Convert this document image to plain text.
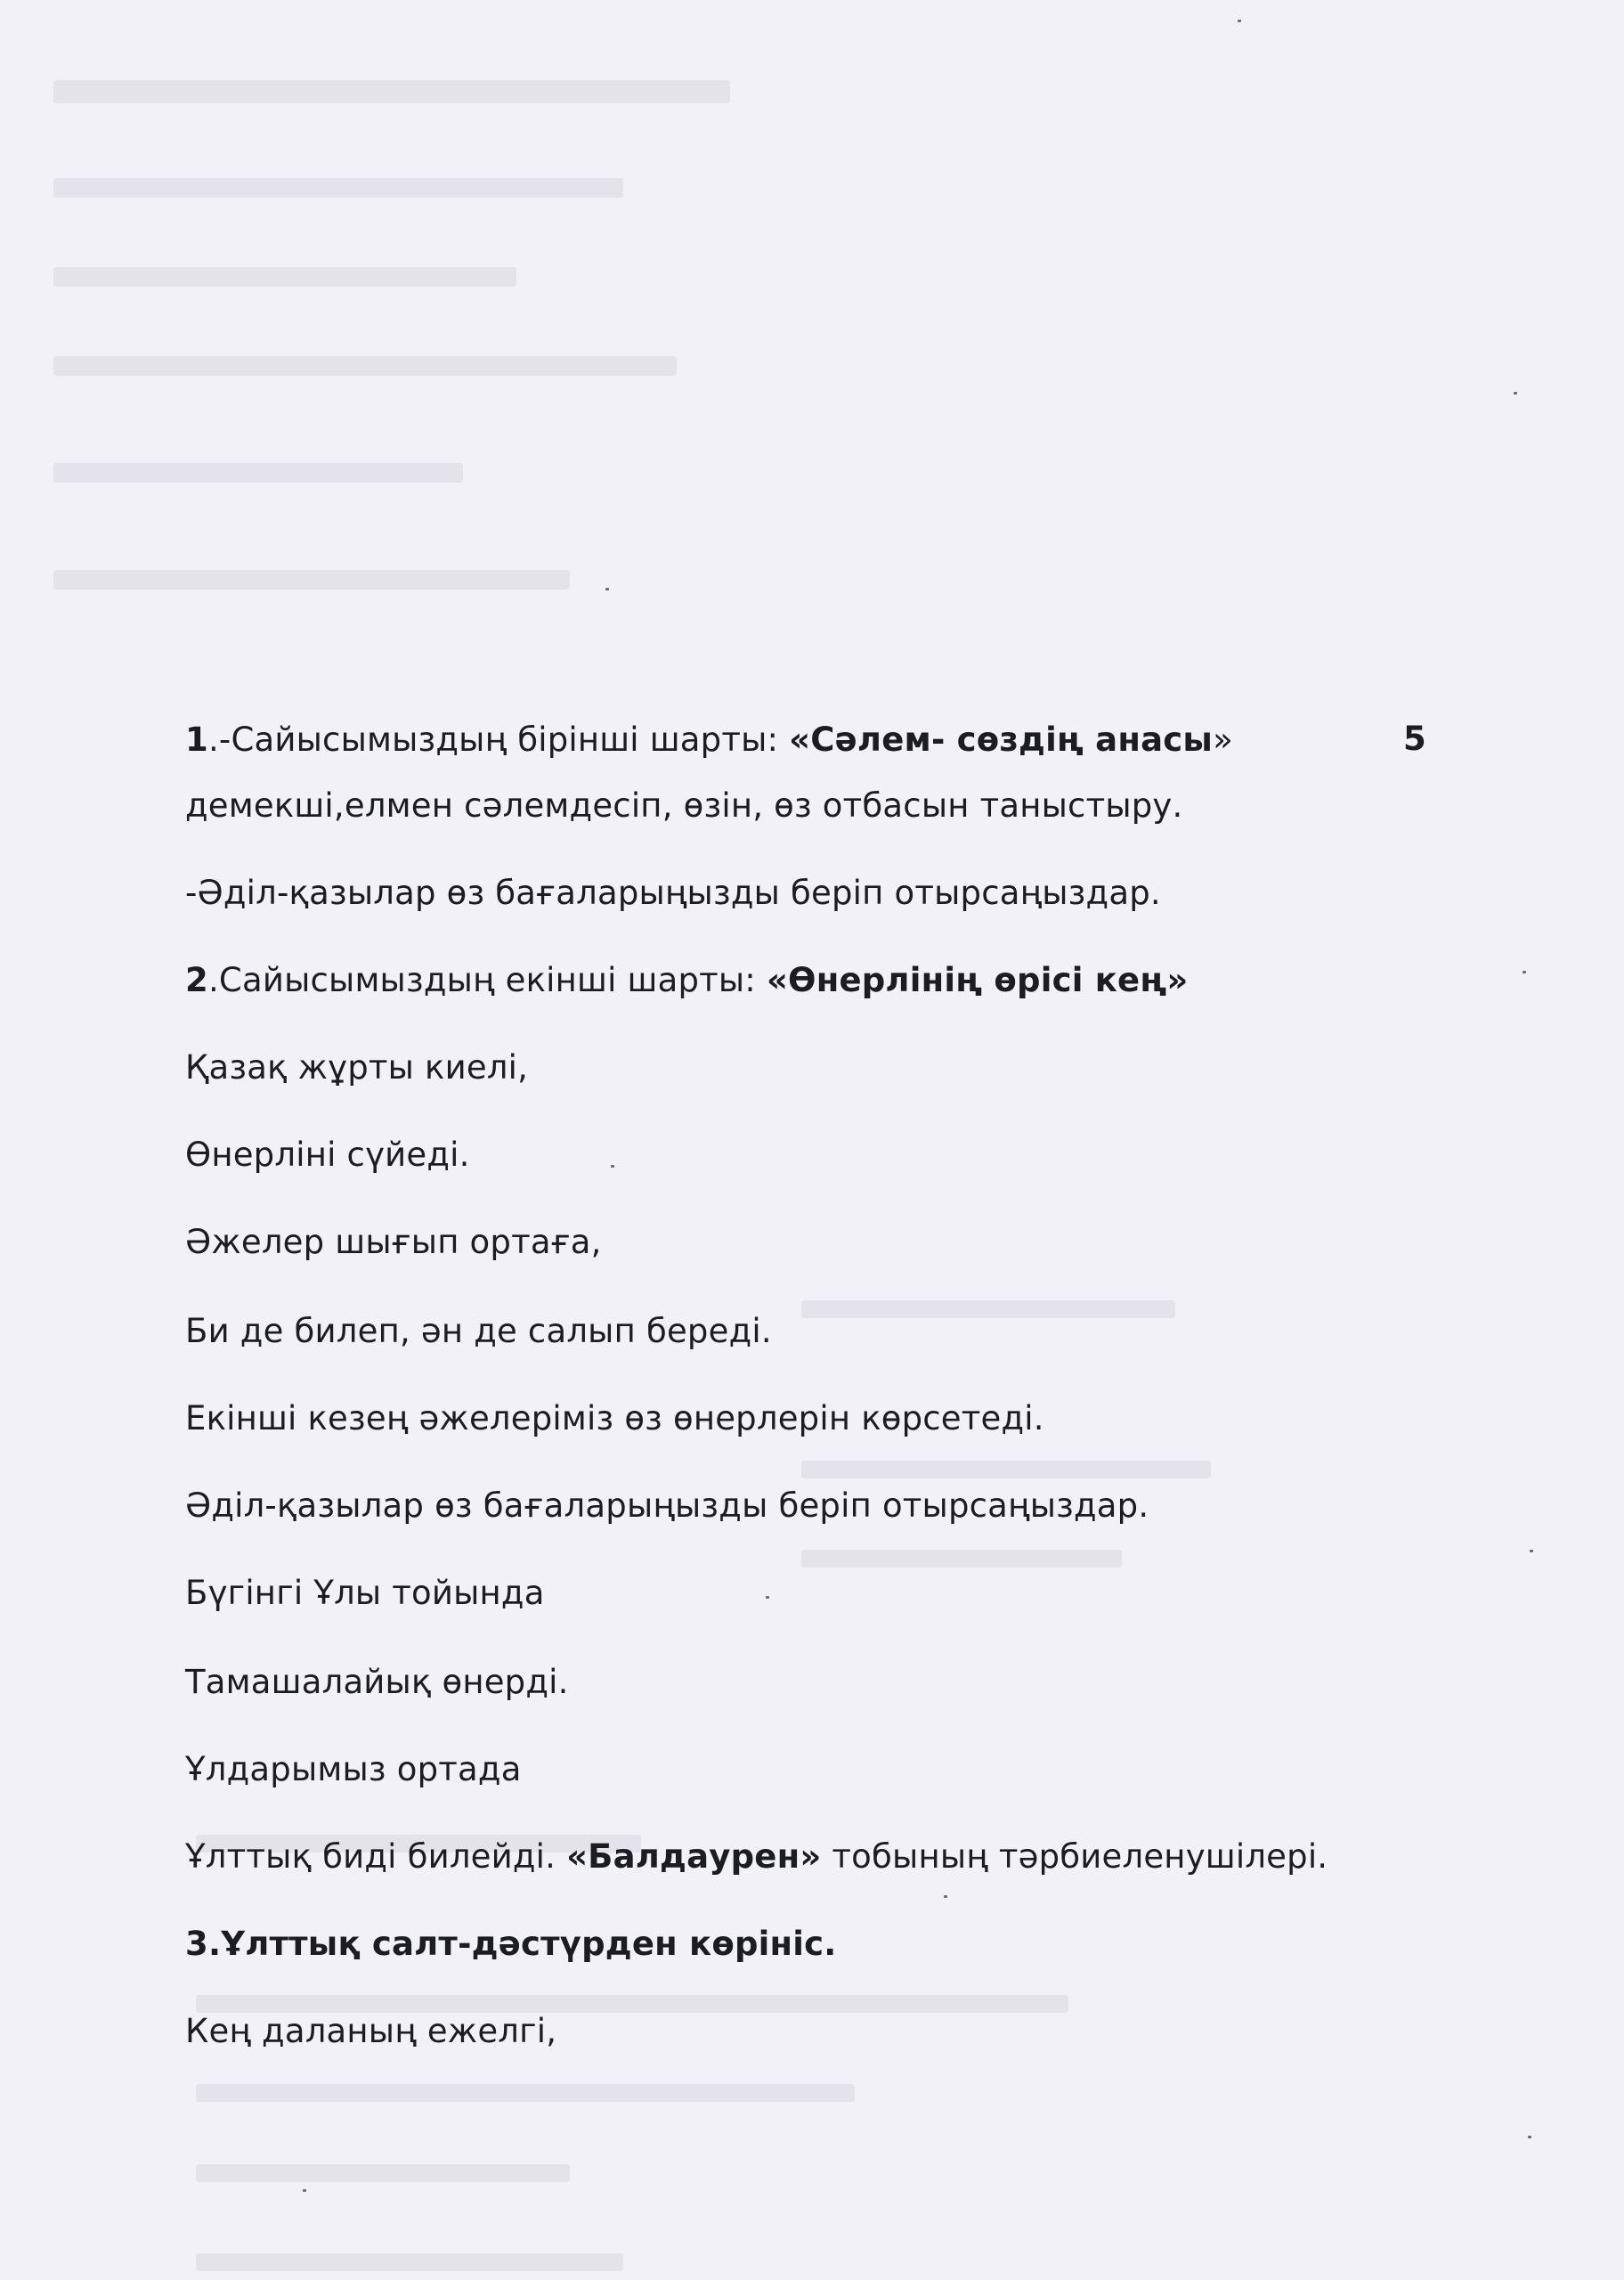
5
1.-Сайысымыздың бірінші шарты: «Сәлем- сөздің анасы»
демекші,елмен сәлемдесіп, өзін, өз отбасын таныстыру.
-Әділ-қазылар өз бағаларыңызды беріп отырсаңыздар.
2.Сайысымыздың екінші шарты: «Өнерлінің өрісі кең»
Қазақ жұрты киелі,
Өнерліні сүйеді.
Әжелер шығып ортаға,
Би де билеп, ән де салып береді.
Екінші кезең әжелеріміз өз өнерлерін көрсетеді.
Әділ-қазылар өз бағаларыңызды беріп отырсаңыздар.
Бүгінгі Ұлы тойында
Тамашалайық өнерді.
Ұлдарымыз ортада
Ұлттық биді билейді. «Балдаурен» тобының тәрбиеленушілері.
3.Ұлттық салт-дәстүрден көрініс.
Кең даланың ежелгі,
